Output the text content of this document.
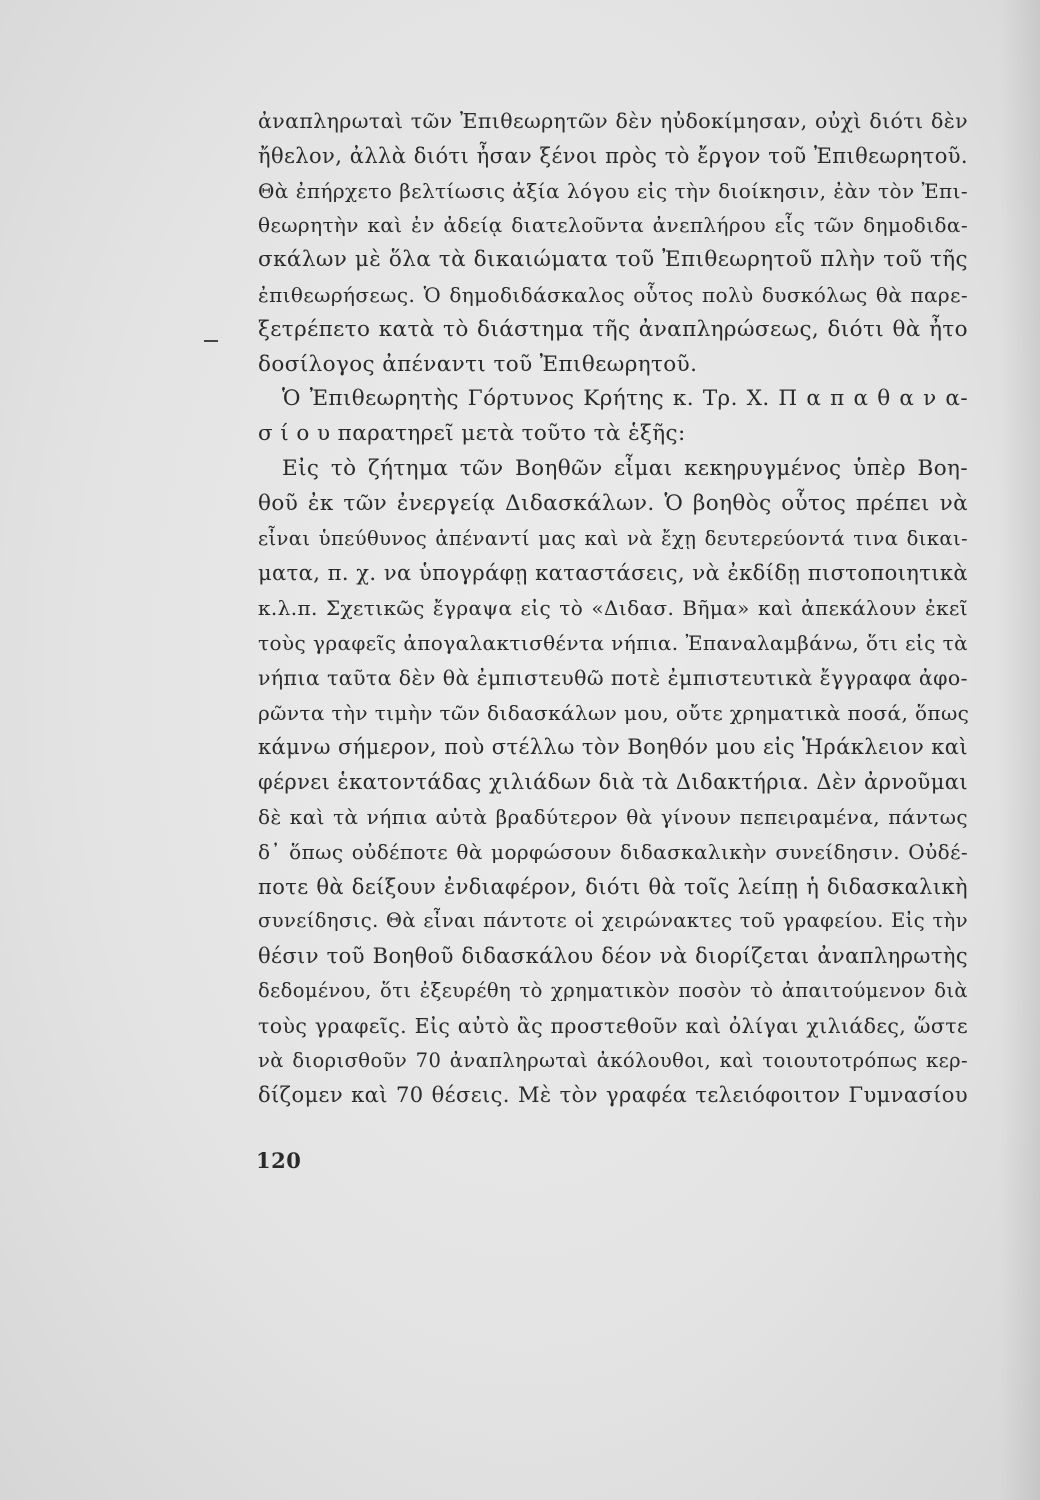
ἀναπληρωταὶ τῶν Ἐπιθεωρητῶν δὲν ηὐδοκίμησαν, οὐχὶ διότι δὲν
ἤθελον, ἀλλὰ διότι ἦσαν ξένοι πρὸς τὸ ἔργον τοῦ Ἐπιθεωρητοῦ.
Θὰ ἐπήρχετο βελτίωσις ἀξία λόγου εἰς τὴν διοίκησιν, ἐὰν τὸν Ἐπι-
θεωρητὴν καὶ ἐν ἀδείᾳ διατελοῦντα ἀνεπλήρου εἷς τῶν δημοδιδα-
σκάλων μὲ ὅλα τὰ δικαιώματα τοῦ Ἐπιθεωρητοῦ πλὴν τοῦ τῆς
ἐπιθεωρήσεως. Ὁ δημοδιδάσκαλος οὗτος πολὺ δυσκόλως θὰ παρε-
ξετρέπετο κατὰ τὸ διάστημα τῆς ἀναπληρώσεως, διότι θὰ ἦτο
δοσίλογος ἀπέναντι τοῦ Ἐπιθεωρητοῦ.
Ὁ Ἐπιθεωρητὴς Γόρτυνος Κρήτης κ. Τρ. Χ. Π α π α θ α ν α-
σ ί ο υ παρατηρεῖ μετὰ τοῦτο τὰ ἑξῆς:
Εἰς τὸ ζήτημα τῶν Βοηθῶν εἶμαι κεκηρυγμένος ὑπὲρ Βοη-
θοῦ ἐκ τῶν ἐνεργείᾳ Διδασκάλων. Ὁ βοηθὸς οὗτος πρέπει νὰ
εἶναι ὑπεύθυνος ἀπέναντί μας καὶ νὰ ἔχῃ δευτερεύοντά τινα δικαι-
ματα, π. χ. να ὑπογράφῃ καταστάσεις, νὰ ἐκδίδῃ πιστοποιητικὰ
κ.λ.π. Σχετικῶς ἔγραψα εἰς τὸ «Διδασ. Βῆμα» καὶ ἀπεκάλουν ἐκεῖ
τοὺς γραφεῖς ἀπογαλακτισθέντα νήπια. Ἐπαναλαμβάνω, ὅτι εἰς τὰ
νήπια ταῦτα δὲν θὰ ἐμπιστευθῶ ποτὲ ἐμπιστευτικὰ ἔγγραφα ἀφο-
ρῶντα τὴν τιμὴν τῶν διδασκάλων μου, οὔτε χρηματικὰ ποσά, ὅπως
κάμνω σήμερον, ποὺ στέλλω τὸν Βοηθόν μου εἰς Ἡράκλειον καὶ
φέρνει ἑκατοντάδας χιλιάδων διὰ τὰ Διδακτήρια. Δὲν ἀρνοῦμαι
δὲ καὶ τὰ νήπια αὐτὰ βραδύτερον θὰ γίνουν πεπειραμένα, πάντως
δ᾽ ὅπως οὐδέποτε θὰ μορφώσουν διδασκαλικὴν συνείδησιν. Οὐδέ-
ποτε θὰ δείξουν ἐνδιαφέρον, διότι θὰ τοῖς λείπῃ ἡ διδασκαλικὴ
συνείδησις. Θὰ εἶναι πάντοτε οἱ χειρώνακτες τοῦ γραφείου. Εἰς τὴν
θέσιν τοῦ Βοηθοῦ διδασκάλου δέον νὰ διορίζεται ἀναπληρωτὴς
δεδομένου, ὅτι ἐξευρέθη τὸ χρηματικὸν ποσὸν τὸ ἀπαιτούμενον διὰ
τοὺς γραφεῖς. Εἰς αὐτὸ ἂς προστεθοῦν καὶ ὀλίγαι χιλιάδες, ὥστε
νὰ διορισθοῦν 70 ἀναπληρωταὶ ἀκόλουθοι, καὶ τοιουτοτρόπως κερ-
δίζομεν καὶ 70 θέσεις. Μὲ τὸν γραφέα τελειόφοιτον Γυμνασίου
120
